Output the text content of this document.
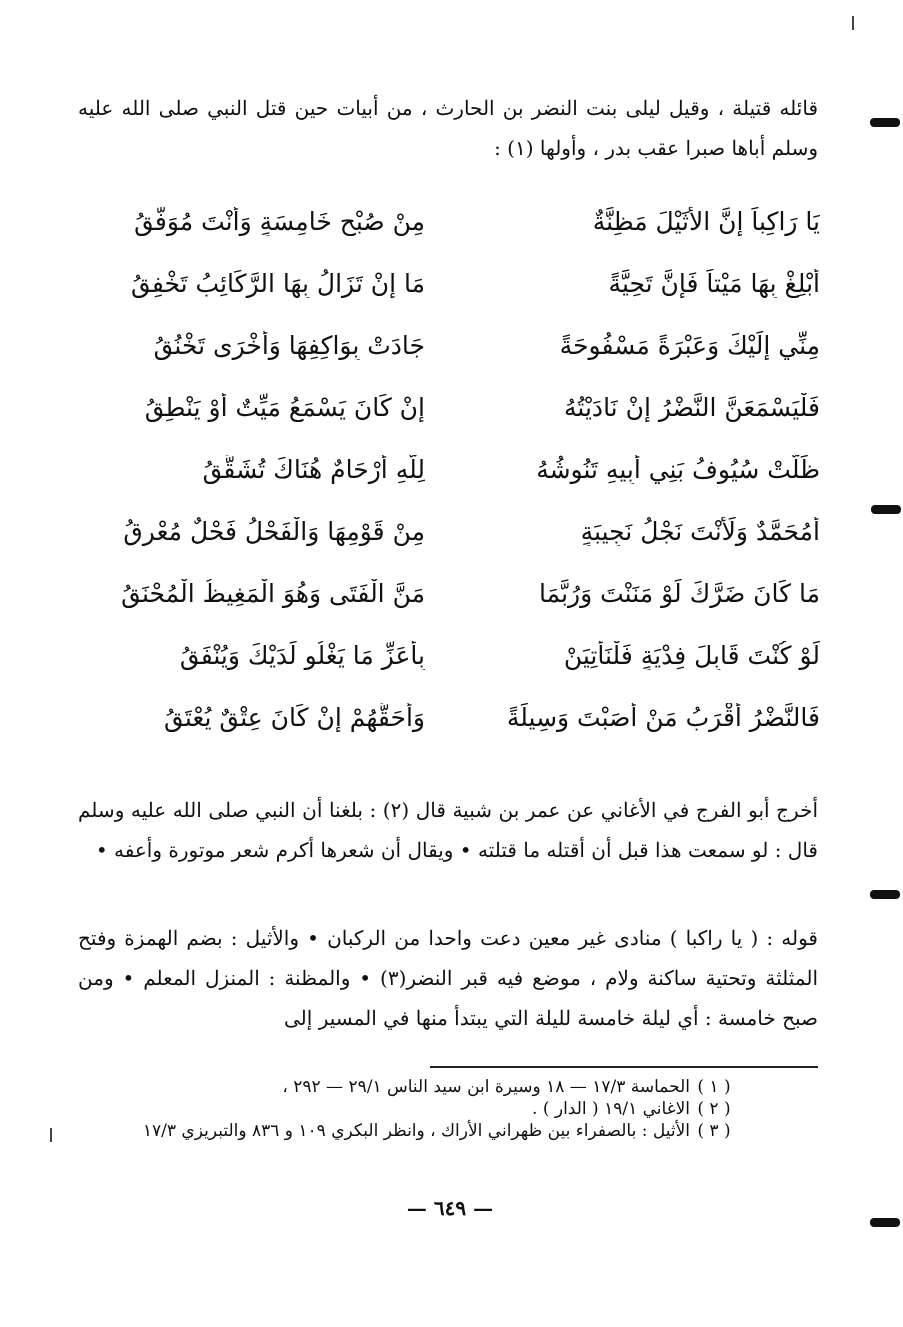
قائله قتيلة ، وقيل ليلى بنت النضر بن الحارث ، من أبيات حين قتل النبي صلى الله عليه وسلم أباها صبرا عقب بدر ، وأولها (١) :
يَا رَاكِباً إِنَّ الأُثَيْلَ مَظِنَّةٌ
مِنْ صُبْحِ خَامِسَةٍ وَأَنْتَ مُوَفَّقُ
أَبْلِغْ بِهَا مَيْتاً فَإِنَّ تَحِيَّةً
مَا إِنْ تَزَالُ بِهَا الرَّكَائِبُ تَخْفِقُ
مِنِّي إِلَيْكَ وَعَبْرَةً مَسْفُوحَةً
جَادَتْ بِوَاكِفِهَا وَأُخْرَى تَخْنُقُ
فَلْيَسْمَعَنَّ النَّضْرُ إِنْ نَادَيْتُهُ
إِنْ كَانَ يَسْمَعُ مَيِّتٌ أَوْ يَنْطِقُ
ظَلَّتْ سُيُوفُ بَنِي أَبِيهِ تَنُوشُهُ
لِلَّهِ أَرْحَامٌ هُنَاكَ تُشَقَّقُ
أَمُحَمَّدٌ وَلَأَنْتَ نَجْلُ نَجِيبَةٍ
مِنْ قَوْمِهَا وَالْفَحْلُ فَحْلٌ مُعْرِقُ
مَا كَانَ ضَرَّكَ لَوْ مَنَنْتَ وَرُبَّمَا
مَنَّ الْفَتَى وَهُوَ الْمَغِيظُ الْمُحْنَقُ
لَوْ كُنْتَ قَابِلَ فِدْيَةٍ فَلْنَأْتِيَنْ
بِأَعَزِّ مَا يَغْلُو لَدَيْكَ وَيُنْفَقُ
فَالنَّضْرُ أَقْرَبُ مَنْ أَصَبْتَ وَسِيلَةً
وَأَحَقُّهُمْ إِنْ كَانَ عِتْقٌ يُعْتَقُ
أخرج أبو الفرج في الأغاني عن عمر بن شبية قال (٢) : بلغنا أن النبي صلى الله عليه وسلم قال : لو سمعت هذا قبل أن أقتله ما قتلته • ويقال أن شعرها أكرم شعر موتورة وأعفه •
قوله : ( يا راكبا ) منادى غير معين دعت واحدا من الركبان • والأثيل : بضم الهمزة وفتح المثلثة وتحتية ساكنة ولام ، موضع فيه قبر النضر(٣) • والمظنة : المنزل المعلم • ومن صبح خامسة : أي ليلة خامسة لليلة التي يبتدأ منها في المسير إلى
( ١ )
الحماسة ١٧/٣ — ١٨ وسيرة ابن سيد الناس ٢٩/١ — ٢٩٢ ،
( ٢ )
الاغاني ١٩/١ ( الدار ) .
( ٣ )
الأثيل : بالصفراء بين ظهراني الأراك ، وانظر البكري ١٠٩ و ٨٣٦ والتبريزي ١٧/٣
— ٦٤٩ —
